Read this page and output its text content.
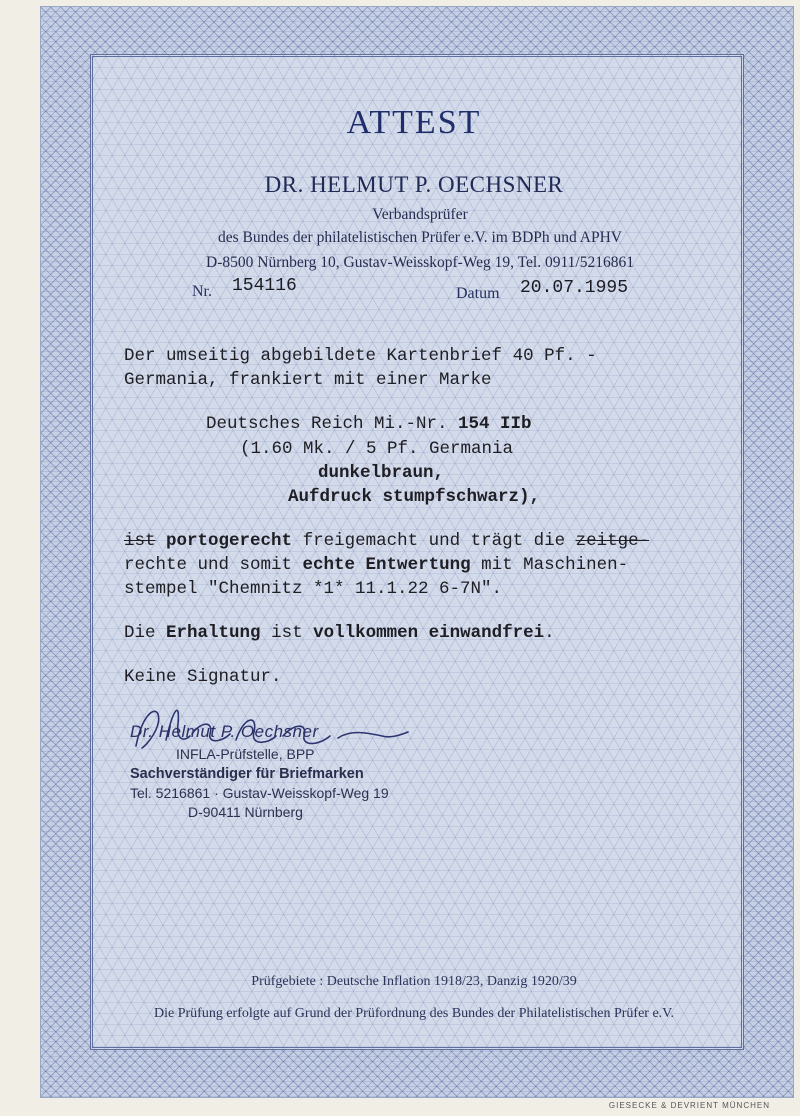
ATTEST
DR. HELMUT P. OECHSNER
Verbandsprüfer
des Bundes der philatelistischen Prüfer e.V. im BDPh und APHV
D-8500 Nürnberg 10, Gustav-Weisskopf-Weg 19, Tel. 0911/5216861
Nr. 154116	Datum 20.07.1995
Der umseitig abgebildete Kartenbrief 40 Pf. -
Germania, frankiert mit einer Marke
Deutsches Reich Mi.-Nr. 154 IIb
(1.60 Mk. / 5 Pf. Germania
dunkelbraun,
Aufdruck stumpfschwarz),
ist portogerecht freigemacht und trägt die zeitge-
rechte und somit echte Entwertung mit Maschinen-
stempel "Chemnitz *1* 11.1.22 6-7N".
Die Erhaltung ist vollkommen einwandfrei.
Keine Signatur.
Dr. Helmut P. Oechsner
INFLA-Prüfstelle, BPP
Sachverständiger für Briefmarken
Tel. 5216861 · Gustav-Weisskopf-Weg 19
D-90411 Nürnberg
Prüfgebiete : Deutsche Inflation 1918/23, Danzig 1920/39
Die Prüfung erfolgte auf Grund der Prüfordnung des Bundes der Philatelistischen Prüfer e.V.
GIESECKE & DEVRIENT MÜNCHEN
